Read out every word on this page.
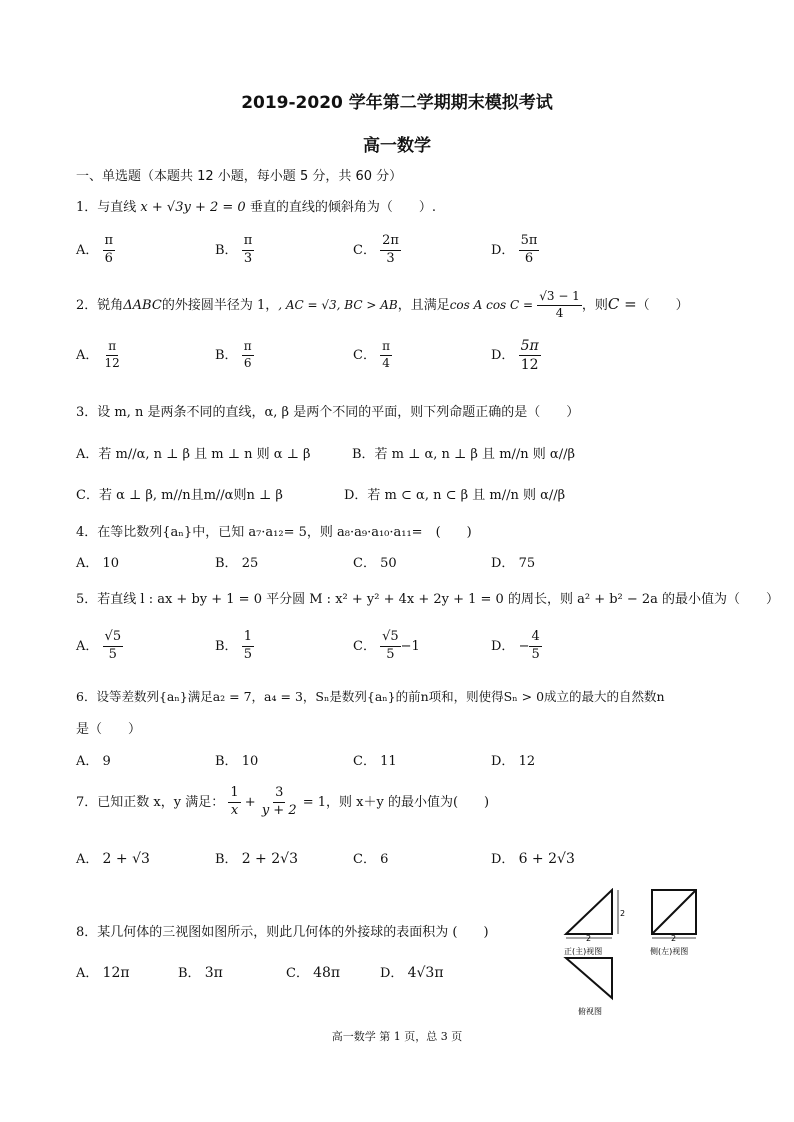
2019-2020 学年第二学期期末模拟考试
高一数学
一、单选题（本题共 12 小题，每小题 5 分，共 60 分）
1．与直线 x + √3y + 2 = 0 垂直的直线的倾斜角为（　　）.
A． $\frac{\pi}{6}$	B． $\frac{\pi}{3}$	C． $\frac{2\pi}{3}$	D． $\frac{5\pi}{6}$
2．锐角ΔABC的外接圆半径为 1，, AC = √3, BC > AB，且满足cos A $\cos C = \frac{√3 - 1}{4}$ ，则C =（　　）
A． $\frac{\pi}{12}$	B． $\frac{\pi}{6}$	C． $\frac{\pi}{4}$	D． $\frac{5\pi}{12}$
3．设 m, n 是两条不同的直线，α, β 是两个不同的平面，则下列命题正确的是（　　）
A．若 m//α, n ⊥ β 且 m ⊥ n 则 α ⊥ β	B．若 m ⊥ α, n ⊥ β 且 m//n 则 α//β
C．若 α ⊥ β, m//n且m//α则n ⊥ β	D．若 m ⊂ α, n ⊂ β 且 m//n 则 α//β
4．在等比数列{aₙ}中，已知 a₇·a₁₂= 5，则 a₈·a₉·a₁₀·a₁₁=　(　　)
A． 10	B． 25	C． 50	D． 75
5．若直线 l : ax + by + 1 = 0 平分圆 M : x² + y² + 4x + 2y + 1 = 0 的周长，则 a² + b² − 2a 的最小值为（　　）
A． $\frac{√5}{5}$	B． $\frac{1}{5}$	C． $\frac{√5}{5} -1$	D． − $\frac{4}{5}$
6．设等差数列{aₙ}满足a₂ = 7，a₄ = 3，Sₙ是数列{aₙ}的前n项和，则使得Sₙ > 0成立的最大的自然数n
是（　　）
A． 9	B． 10	C． 11	D． 12
7．已知正数 x，y 满足： $\frac{1}{x} + \frac{3}{y + 2} = 1$，则 x＋y 的最小值为(　　)
A． 2 + √3	B． 2 + 2√3	C． 6	D． 6 + 2√3
8．某几何体的三视图如图所示，则此几何体的外接球的表面积为 (　　)
A． 12π	B． 3π	C． 48π	D． 4√3π
2
2
正(主)视图
2
侧(左)视图
俯视图
高一数学 第 1 页，总 3 页
